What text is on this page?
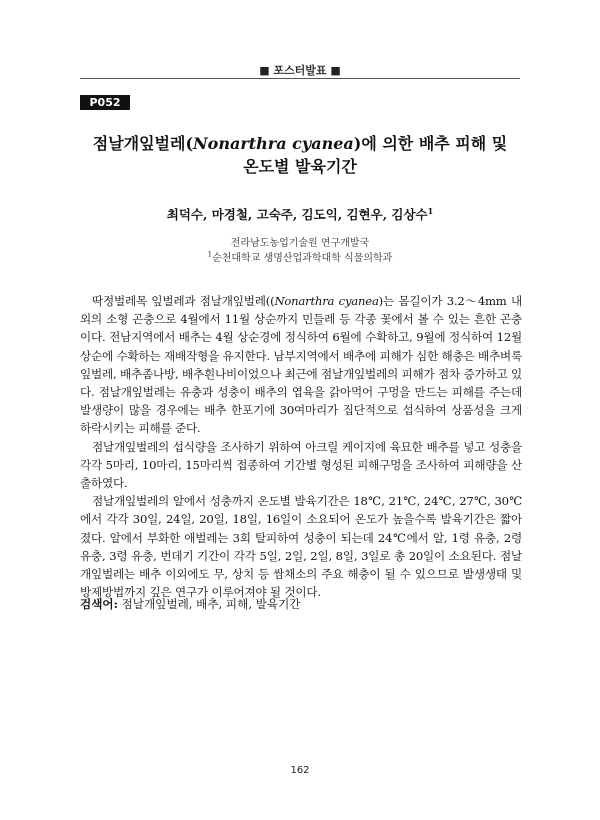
■ 포스터발표 ■
P052
점날개잎벌레(Nonarthra cyanea)에 의한 배추 피해 및
온도별 발육기간
최덕수, 마경철, 고숙주, 김도익, 김현우, 김상수$^1$
전라남도농업기술원 연구개발국
$^1$순천대학교 생명산업과학대학 식물의학과

딱정벌레목 잎벌레과 점날개잎벌레((Nonarthra cyanea)는 몸길이가 3.2～4mm 내외의 소형 곤충으로 4월에서 11월 상순까지 민들레 등 각종 꽃에서 볼 수 있는 흔한 곤충이다. 전남지역에서 배추는 4월 상순경에 정식하여 6월에 수확하고, 9월에 정식하여 12월 상순에 수확하는 재배작형을 유지한다. 남부지역에서 배추에 피해가 심한 해충은 배추벼룩잎벌레, 배추좀나방, 배추흰나비이었으나 최근에 점날개잎벌레의 피해가 점차 증가하고 있다. 점날개잎벌레는 유충과 성충이 배추의 엽육을 갉아먹어 구멍을 만드는 피해를 주는데 발생량이 많을 경우에는 배추 한포기에 30여마리가 집단적으로 섭식하여 상품성을 크게 하락시키는 피해를 준다.

점날개잎벌레의 섭식량을 조사하기 위하여 아크릴 케이지에 육묘한 배추를 넣고 성충을 각각 5마리, 10마리, 15마리씩 접종하여 기간별 형성된 피해구멍을 조사하여 피해량을 산출하였다.

점날개잎벌레의 알에서 성충까지 온도별 발육기간은 18℃, 21℃, 24℃, 27℃, 30℃에서 각각 30일, 24일, 20일, 18일, 16일이 소요되어 온도가 높을수록 발육기간은 짧아졌다. 알에서 부화한 애벌레는 3회 탈피하여 성충이 되는데 24℃에서 알, 1령 유충, 2령 유충, 3령 유충, 번데기 기간이 각각 5일, 2일, 2일, 8일, 3일로 총 20일이 소요된다. 점날개잎벌레는 배추 이외에도 무, 상치 등 쌈채소의 주요 해충이 될 수 있으므로 발생생태 및 방제방법까지 깊은 연구가 이루어져야 될 것이다.

검색어: 점날개잎벌레, 배추, 피해, 발육기간
162
